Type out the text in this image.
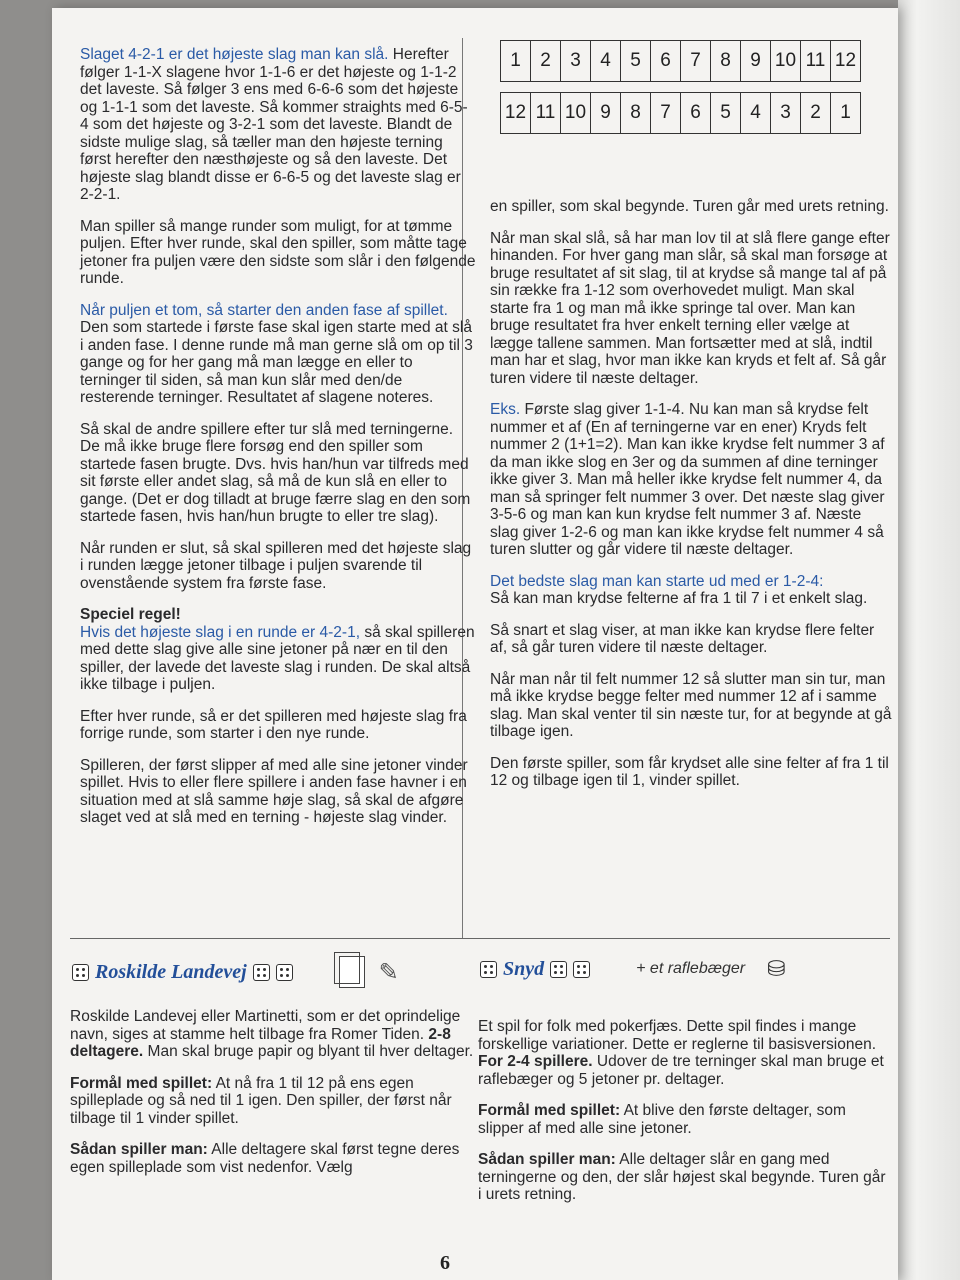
Slaget 4-2-1 er det højeste slag man kan slå. Herefter følger 1-1-X slagene hvor 1-1-6 er det højeste og 1-1-2 det laveste. Så følger 3 ens med 6-6-6 som det højeste og 1-1-1 som det laveste. Så kommer straights med 6-5-4 som det højeste og 3-2-1 som det laveste. Blandt de sidste mulige slag, så tæller man den højeste terning først herefter den næsthøjeste og så den laveste. Det højeste slag blandt disse er 6-6-5 og det laveste slag er 2-2-1.

Man spiller så mange runder som muligt, for at tømme puljen. Efter hver runde, skal den spiller, som måtte tage jetoner fra puljen være den sidste som slår i den følgende runde.

Når puljen et tom, så starter den anden fase af spillet. Den som startede i første fase skal igen starte med at slå i anden fase. I denne runde må man gerne slå om op til 3 gange og for her gang må man lægge en eller to terninger til siden, så man kun slår med den/de resterende terninger. Resultatet af slagene noteres.

Så skal de andre spillere efter tur slå med terningerne. De må ikke bruge flere forsøg end den spiller som startede fasen brugte. Dvs. hvis han/hun var tilfreds med sit første eller andet slag, så må de kun slå en eller to gange. (Det er dog tilladt at bruge færre slag en den som startede fasen, hvis han/hun brugte to eller tre slag).

Når runden er slut, så skal spilleren med det højeste slag i runden lægge jetoner tilbage i puljen svarende til ovenstående system fra første fase.

Speciel regel!
Hvis det højeste slag i en runde er 4-2-1, så skal spilleren med dette slag give alle sine jetoner på nær en til den spiller, der lavede det laveste slag i runden. De skal altså ikke tilbage i puljen.

Efter hver runde, så er det spilleren med højeste slag fra forrige runde, som starter i den nye runde.

Spilleren, der først slipper af med alle sine jetoner vinder spillet. Hvis to eller flere spillere i anden fase havner i en situation med at slå samme høje slag, så skal de afgøre slaget ved at slå med en terning - højeste slag vinder.

1	2	3	4	5	6	7	8	9	10	11	12

12	11	10	9	8	7	6	5	4	3	2	1

en spiller, som skal begynde. Turen går med urets retning.

Når man skal slå, så har man lov til at slå flere gange efter hinanden. For hver gang man slår, så skal man forsøge at bruge resultatet af sit slag, til at krydse så mange tal af på sin række fra 1-12 som overhovedet muligt. Man skal starte fra 1 og man må ikke springe tal over. Man kan bruge resultatet fra hver enkelt terning eller vælge at lægge tallene sammen. Man fortsætter med at slå, indtil man har et slag, hvor man ikke kan kryds et felt af. Så går turen videre til næste deltager.

Eks. Første slag giver 1-1-4. Nu kan man så krydse felt nummer et af (En af terningerne var en ener) Kryds felt nummer 2 (1+1=2). Man kan ikke krydse felt nummer 3 af da man ikke slog en 3er og da summen af dine terninger ikke giver 3. Man må heller ikke krydse felt nummer 4, da man så springer felt nummer 3 over. Det næste slag giver 3-5-6 og man kan kun krydse felt nummer 3 af. Næste slag giver 1-2-6 og man kan ikke krydse felt nummer 4 så turen slutter og går videre til næste deltager.

Det bedste slag man kan starte ud med er 1-2-4:
Så kan man krydse felterne af fra 1 til 7 i et enkelt slag.

Så snart et slag viser, at man ikke kan krydse flere felter af, så går turen videre til næste deltager.

Når man når til felt nummer 12 så slutter man sin tur, man må ikke krydse begge felter med nummer 12 af i samme slag. Man skal venter til sin næste tur, for at begynde at gå tilbage igen.

Den første spiller, som får krydset alle sine felter af fra 1 til 12 og tilbage igen til 1, vinder spillet.

Roskilde Landevej	✎	Snyd	+ et raflebæger ⛁

Roskilde Landevej eller Martinetti, som er det oprindelige navn, siges at stamme helt tilbage fra Romer Tiden. 2-8 deltagere. Man skal bruge papir og blyant til hver deltager.

Formål med spillet: At nå fra 1 til 12 på ens egen spilleplade og så ned til 1 igen. Den spiller, der først når tilbage til 1 vinder spillet.

Sådan spiller man: Alle deltagere skal først tegne deres egen spilleplade som vist nedenfor. Vælg

Et spil for folk med pokerfjæs. Dette spil findes i mange forskellige variationer. Dette er reglerne til basisversionen. For 2-4 spillere. Udover de tre terninger skal man bruge et raflebæger og 5 jetoner pr. deltager.

Formål med spillet: At blive den første deltager, som slipper af med alle sine jetoner.

Sådan spiller man: Alle deltager slår en gang med terningerne og den, der slår højest skal begynde. Turen går i urets retning.

6
